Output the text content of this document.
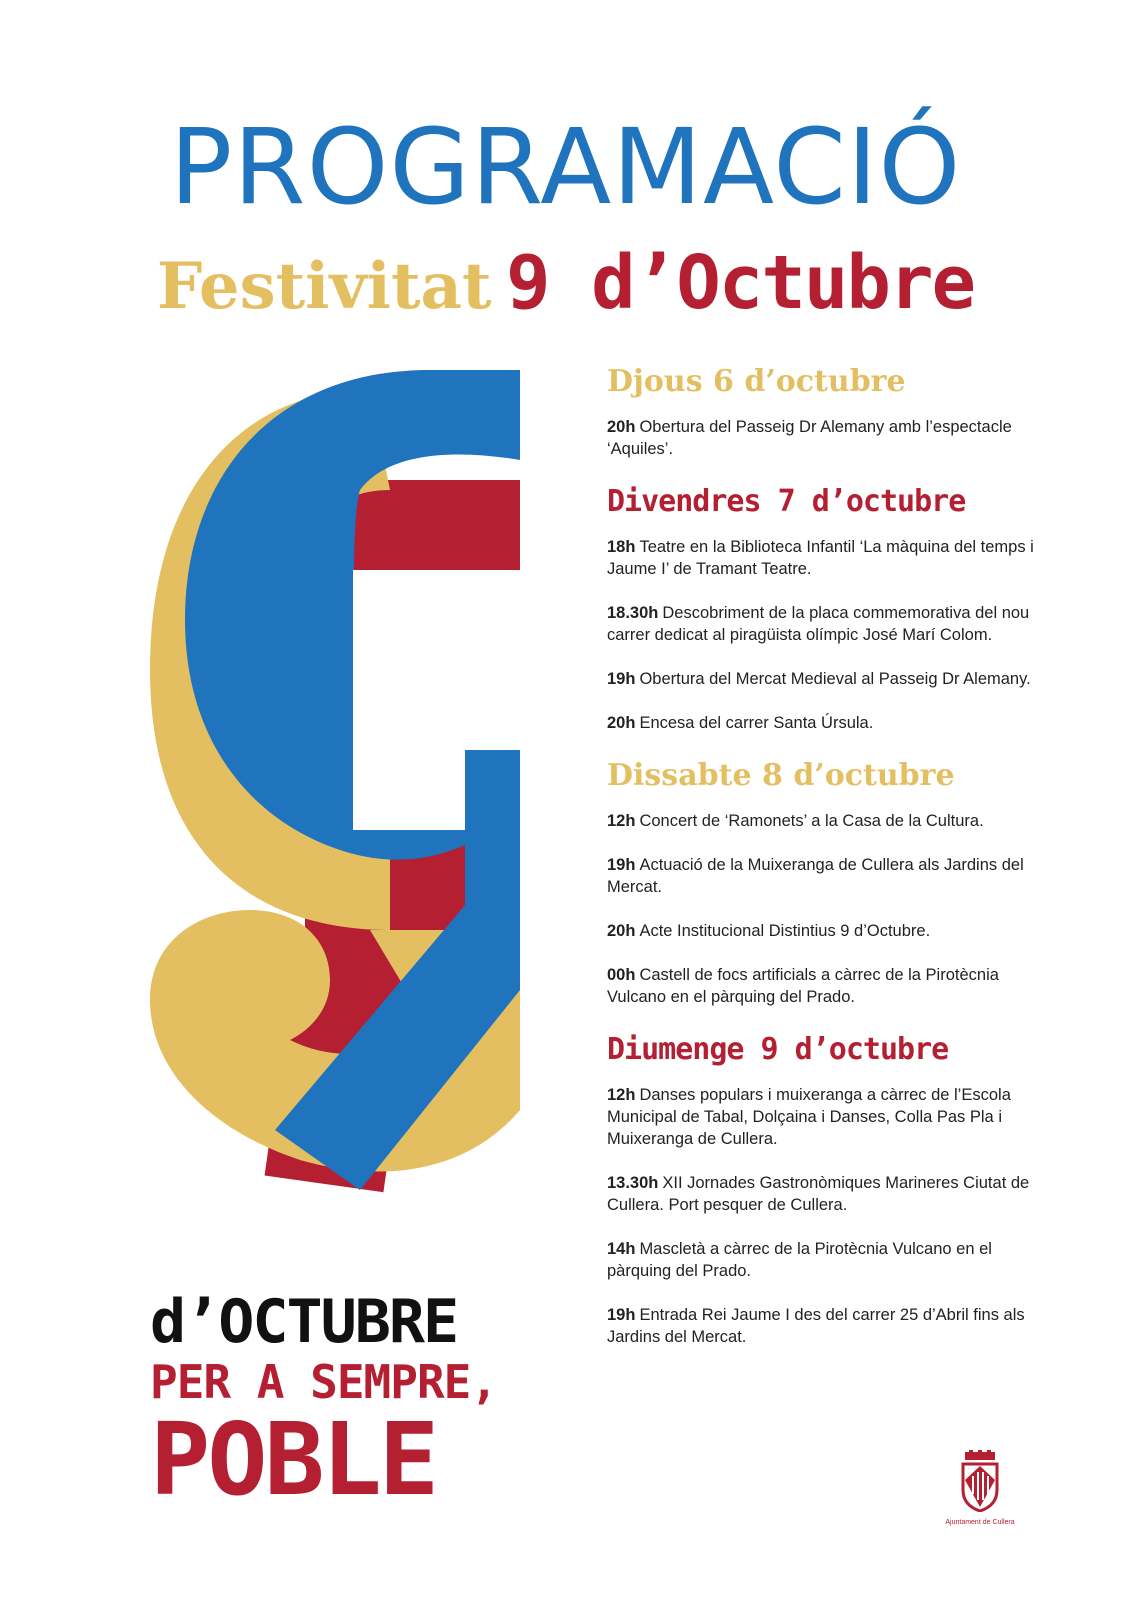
PROGRAMACIÓ
Festivitat 9 d’Octubre
d’OCTUBRE
PER A SEMPRE,
POBLE
Djous 6 d’octubre

20h Obertura del Passeig Dr Alemany amb l’espectacle ‘Aquiles’.

Divendres 7 d’octubre

18h Teatre en la Biblioteca Infantil ‘La màquina del temps i Jaume I’ de Tramant Teatre.

18.30h Descobriment de la placa commemorativa del nou carrer dedicat al piragüista olímpic José Marí Colom.

19h Obertura del Mercat Medieval al Passeig Dr Alemany.

20h Encesa del carrer Santa Úrsula.

Dissabte 8 d’octubre

12h Concert de ‘Ramonets’ a la Casa de la Cultura.

19h Actuació de la Muixeranga de Cullera als Jardins del Mercat.

20h Acte Institucional Distintius 9 d’Octubre.

00h Castell de focs artificials a càrrec de la Pirotècnia Vulcano en el pàrquing del Prado.

Diumenge 9 d’octubre

12h Danses populars i muixeranga a càrrec de l’Escola Municipal de Tabal, Dolçaina i Danses, Colla Pas Pla i Muixeranga de Cullera.

13.30h XII Jornades Gastronòmiques Marineres Ciutat de Cullera. Port pesquer de Cullera.

14h Mascletà a càrrec de la Pirotècnia Vulcano en el pàrquing del Prado.

19h Entrada Rei Jaume I des del carrer 25 d’Abril fins als Jardins del Mercat.

Ajuntament de Cullera
